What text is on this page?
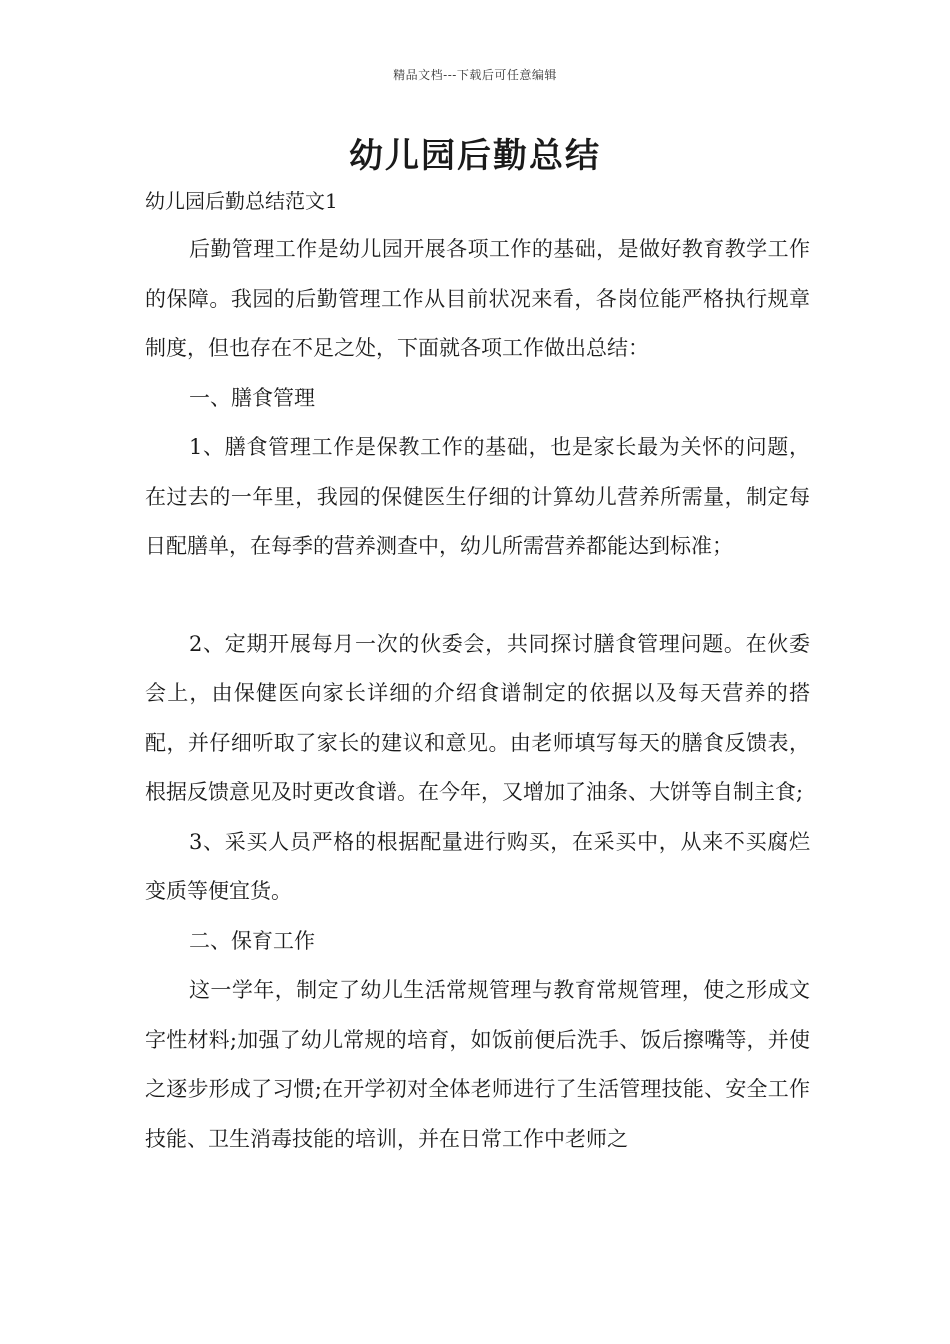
精品文档---下载后可任意编辑
幼儿园后勤总结

幼儿园后勤总结范文1

后勤管理工作是幼儿园开展各项工作的基础，是做好教育教学工作的保障。我园的后勤管理工作从目前状况来看，各岗位能严格执行规章制度，但也存在不足之处，下面就各项工作做出总结：

一、膳食管理

1、膳食管理工作是保教工作的基础，也是家长最为关怀的问题，在过去的一年里，我园的保健医生仔细的计算幼儿营养所需量，制定每日配膳单，在每季的营养测查中，幼儿所需营养都能达到标准；

2、定期开展每月一次的伙委会，共同探讨膳食管理问题。在伙委会上，由保健医向家长详细的介绍食谱制定的依据以及每天营养的搭配，并仔细听取了家长的建议和意见。由老师填写每天的膳食反馈表，根据反馈意见及时更改食谱。在今年，又增加了油条、大饼等自制主食;

3、采买人员严格的根据配量进行购买，在采买中，从来不买腐烂变质等便宜货。

二、保育工作

这一学年，制定了幼儿生活常规管理与教育常规管理，使之形成文字性材料;加强了幼儿常规的培育，如饭前便后洗手、饭后擦嘴等，并使之逐步形成了习惯;在开学初对全体老师进行了生活管理技能、安全工作技能、卫生消毒技能的培训，并在日常工作中老师之
